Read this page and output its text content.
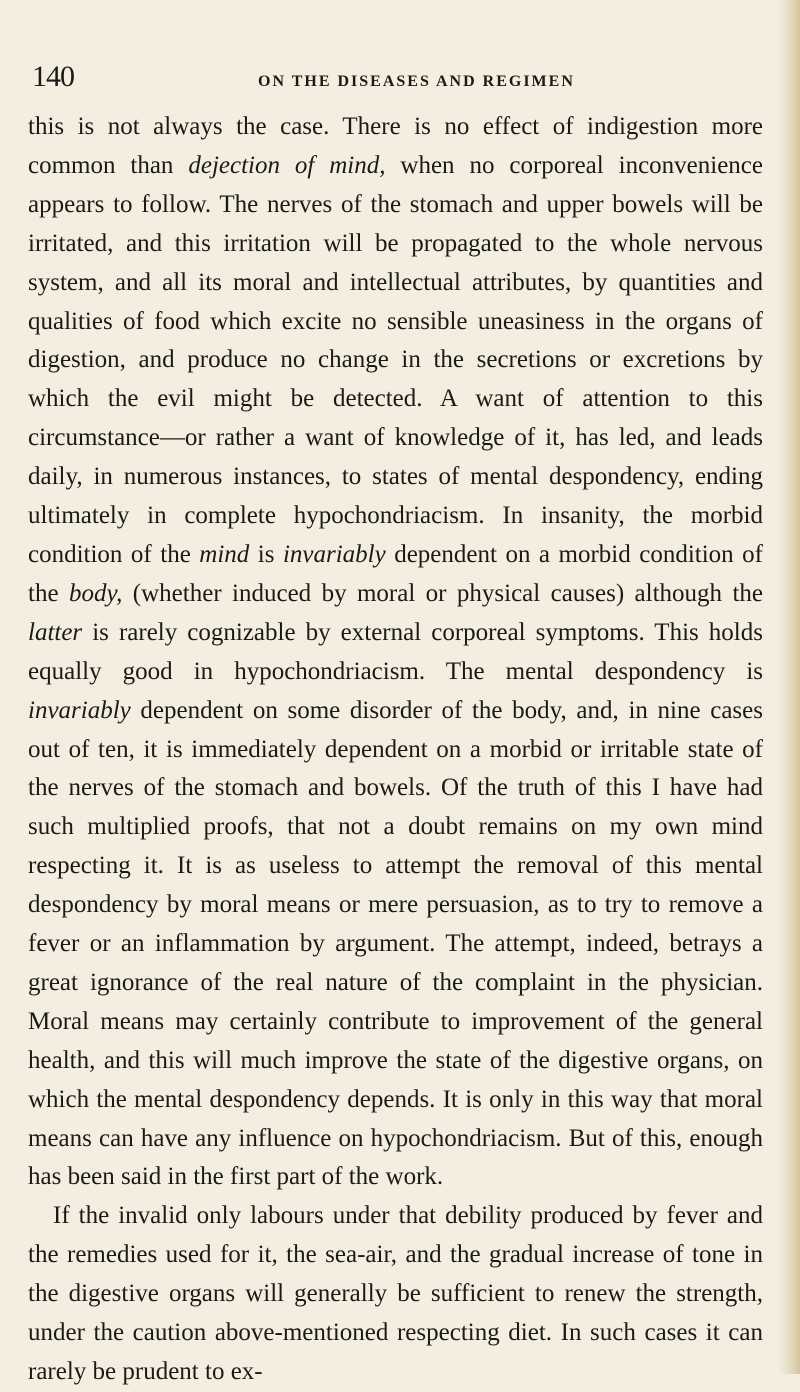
140	ON THE DISEASES AND REGIMEN

this is not always the case. There is no effect of indigestion more common than dejection of mind, when no corporeal inconvenience appears to follow. The nerves of the stomach and upper bowels will be irritated, and this irritation will be propagated to the whole nervous system, and all its moral and intellectual attributes, by quantities and qualities of food which excite no sensible uneasiness in the organs of digestion, and produce no change in the secretions or excretions by which the evil might be detected. A want of attention to this circumstance—or rather a want of knowledge of it, has led, and leads daily, in numerous instances, to states of mental despondency, ending ultimately in complete hypochondriacism. In insanity, the morbid condition of the mind is invariably dependent on a morbid condition of the body, (whether induced by moral or physical causes) although the latter is rarely cognizable by external corporeal symptoms. This holds equally good in hypochondriacism. The mental despondency is invariably dependent on some disorder of the body, and, in nine cases out of ten, it is immediately dependent on a morbid or irritable state of the nerves of the stomach and bowels. Of the truth of this I have had such multiplied proofs, that not a doubt remains on my own mind respecting it. It is as useless to attempt the removal of this mental despondency by moral means or mere persuasion, as to try to remove a fever or an inflammation by argument. The attempt, indeed, betrays a great ignorance of the real nature of the complaint in the physician. Moral means may certainly contribute to improvement of the general health, and this will much improve the state of the digestive organs, on which the mental despondency depends. It is only in this way that moral means can have any influence on hypochondriacism. But of this, enough has been said in the first part of the work.

If the invalid only labours under that debility produced by fever and the remedies used for it, the sea-air, and the gradual increase of tone in the digestive organs will generally be sufficient to renew the strength, under the caution above-mentioned respecting diet. In such cases it can rarely be prudent to ex-
